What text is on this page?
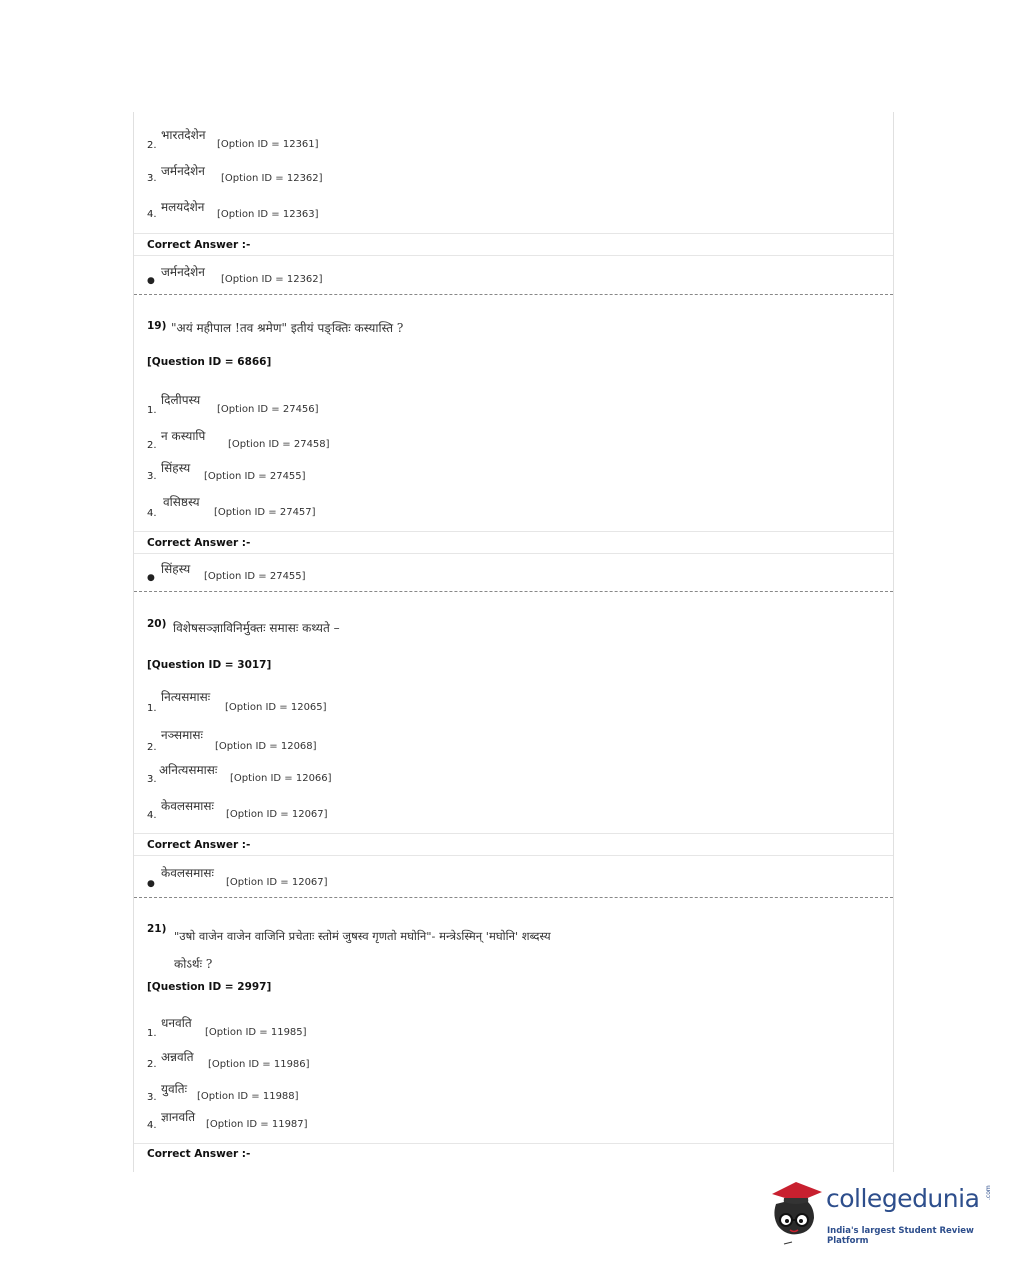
भारतदेशेन
2.	[Option ID = 12361]
जर्मनदेशेन
3.	[Option ID = 12362]
मलयदेशेन
4.	[Option ID = 12363]
Correct Answer :-
जर्मनदेशेन
●	[Option ID = 12362]
19) "अयं महीपाल !तव श्रमेण" इतीयं पङ्क्तिः कस्यास्ति ?
[Question ID = 6866]
दिलीपस्य
1.	[Option ID = 27456]
न कस्यापि
2.	[Option ID = 27458]
सिंहस्य
3.	[Option ID = 27455]
वसिष्ठस्य
4.	[Option ID = 27457]
Correct Answer :-
सिंहस्य
●	[Option ID = 27455]
20) विशेषसञ्ज्ञाविनिर्मुक्तः समासः कथ्यते –
[Question ID = 3017]
नित्यसमासः
1.	[Option ID = 12065]
नञ्समासः
2.	[Option ID = 12068]
अनित्यसमासः
3.	[Option ID = 12066]
केवलसमासः
4.	[Option ID = 12067]
Correct Answer :-
केवलसमासः
●	[Option ID = 12067]
21) "उषो वाजेन वाजेन वाजिनि प्रचेताः स्तोमं जुषस्व गृणतो मघोनि"- मन्त्रेऽस्मिन् 'मघोनि' शब्दस्य
कोऽर्थः ?
[Question ID = 2997]
धनवति
1.	[Option ID = 11985]
अन्नवति
2.	[Option ID = 11986]
युवतिः
3.	[Option ID = 11988]
ज्ञानवति
4.	[Option ID = 11987]
Correct Answer :-
collegedunia .com
India's largest Student Review Platform
